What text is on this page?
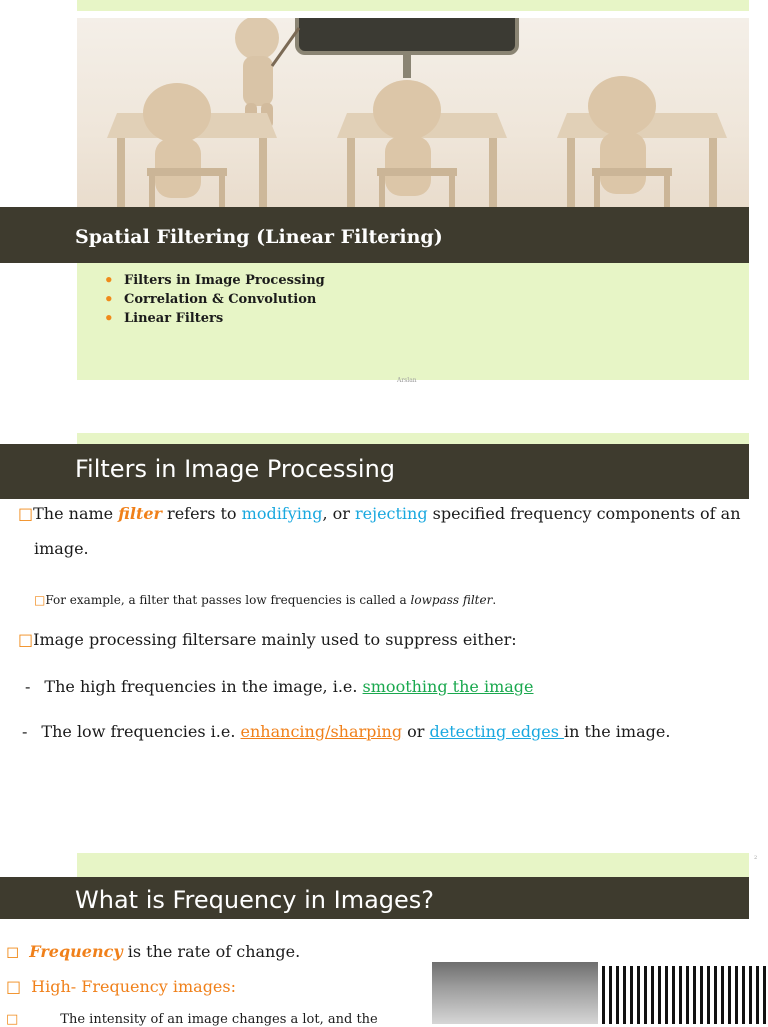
Spatial Filtering (Linear Filtering)
• Filters in Image Processing
• Correlation & Convolution
• Linear Filters
Arslan
Filters in Image Processing
□The name filter refers to modifying, or rejecting specified frequency components of an
image.
□For example, a filter that passes low frequencies is called a lowpass filter.
□Image processing filtersare mainly used to suppress either:
- The high frequencies in the image, i.e. smoothing the image
- The low frequencies i.e. enhancing/sharping or detecting edges in the image.
2
What is Frequency in Images?
◻ Frequency is the rate of change.
□ High- Frequency images:
□	The intensity of an image changes a lot, and the
